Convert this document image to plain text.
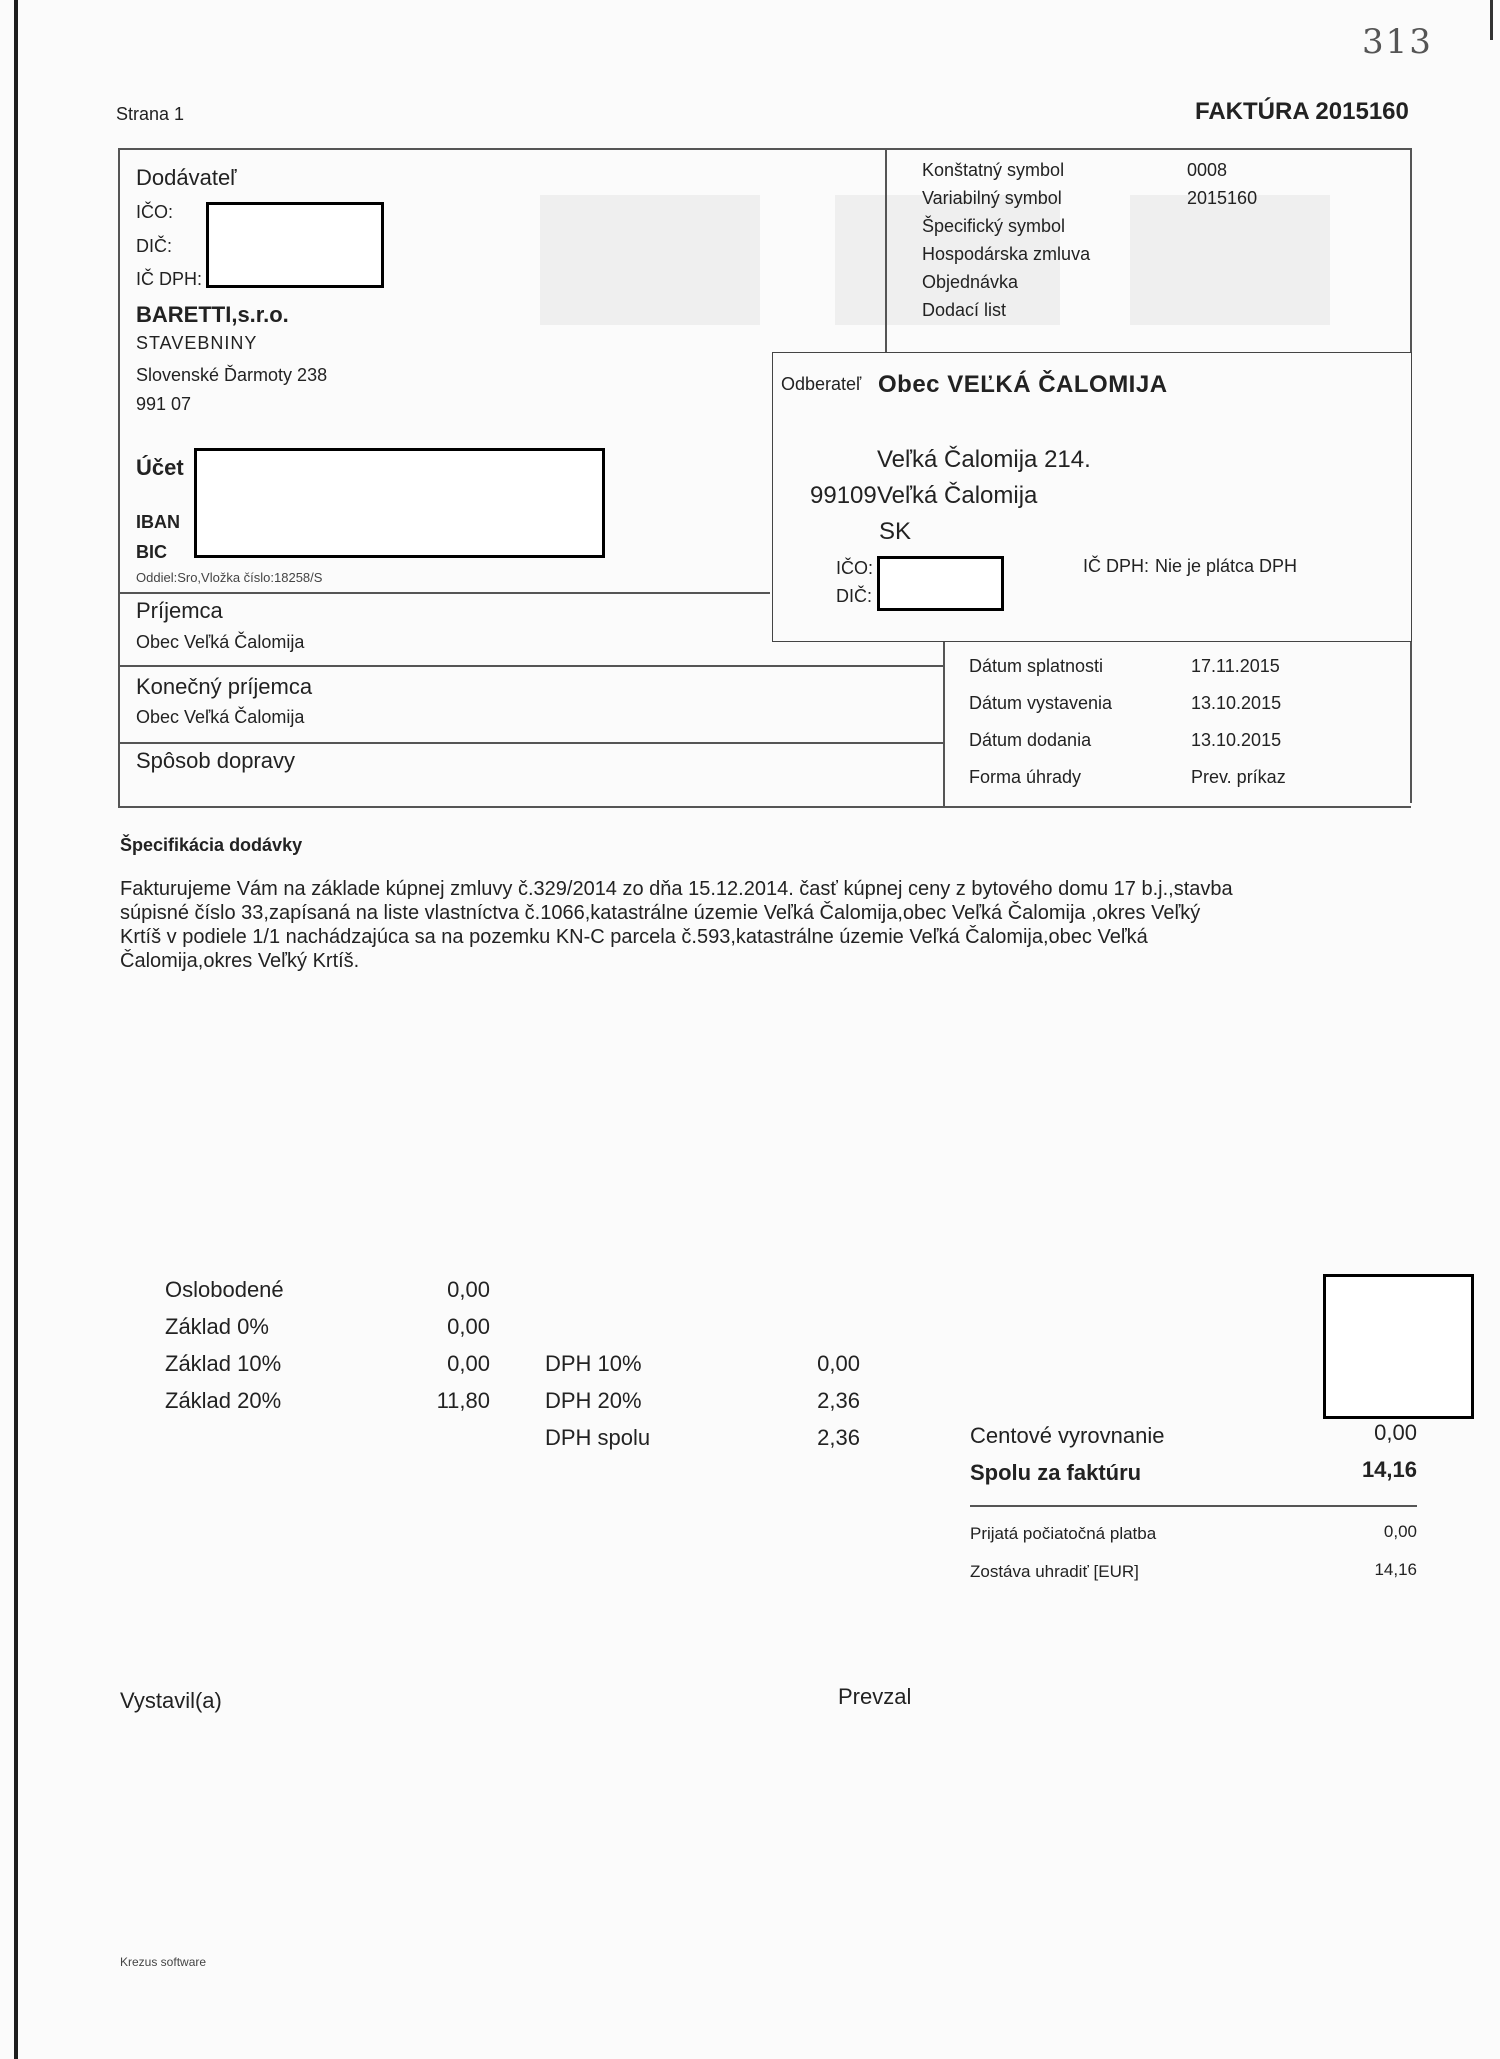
313
Strana 1	FAKTÚRA 2015160
Dodávateľ
IČO:
DIČ:
IČ DPH:
BARETTI,s.r.o.
STAVEBNINY
Slovenské Ďarmoty 238
991 07
Účet
IBAN
BIC
Oddiel:Sro,Vložka číslo:18258/S
Konštatný symbol	0008
Variabilný symbol	2015160
Špecifický symbol
Hospodárska zmluva
Objednávka
Dodací list
Odberateľ Obec VEĽKÁ ČALOMIJA
Veľká Čalomija 214.
99109 Veľká Čalomija
SK
IČO:
DIČ:
IČ DPH: Nie je plátca DPH
Príjemca
Obec Veľká Čalomija
Konečný príjemca
Obec Veľká Čalomija
Spôsob dopravy
Dátum splatnosti	17.11.2015
Dátum vystavenia	13.10.2015
Dátum dodania	13.10.2015
Forma úhrady	Prev. príkaz
Špecifikácia dodávky
Fakturujeme Vám na základe kúpnej zmluvy č.329/2014 zo dňa 15.12.2014. časť kúpnej ceny z bytového domu 17 b.j.,stavba
súpisné číslo 33,zapísaná na liste vlastníctva č.1066,katastrálne územie Veľká Čalomija,obec Veľká Čalomija ,okres Veľký
Krtíš v podiele 1/1 nachádzajúca sa na pozemku KN-C parcela č.593,katastrálne územie Veľká Čalomija,obec Veľká
Čalomija,okres Veľký Krtíš.
Oslobodené	0,00
Základ 0%	0,00
Základ 10%	0,00
Základ 20%	11,80
DPH 10%	0,00
DPH 20%	2,36
DPH spolu	2,36	Centové vyrovnanie	0,00
Spolu za faktúru	14,16
Prijatá počiatočná platba	0,00
Zostáva uhradiť [EUR]	14,16
Vystavil(a)	Prevzal
Krezus software
